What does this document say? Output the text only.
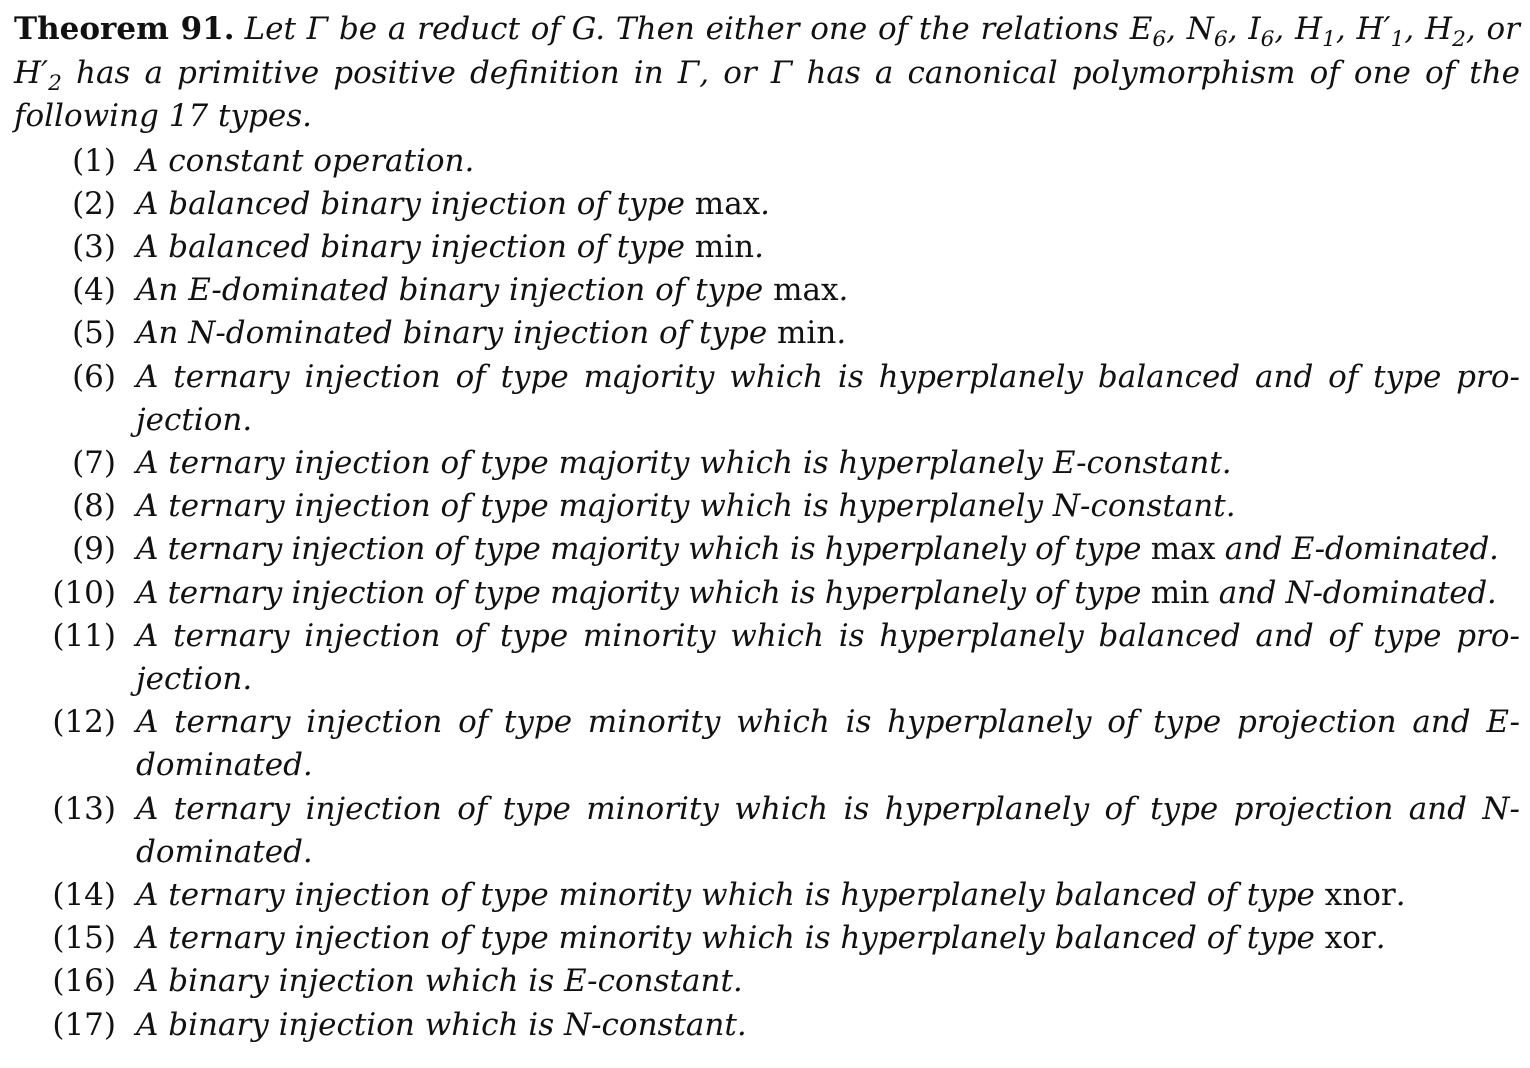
Theorem 91. Let Γ be a reduct of G. Then either one of the relations $E_6$, $N_6$, $I_6$, $H_1$, $H'_1$, $H_2$, or $H'_2$ has a primitive positive definition in Γ, or Γ has a canonical polymorphism of one of the following 17 types.

(1) A constant operation.
(2) A balanced binary injection of type max.
(3) A balanced binary injection of type min.
(4) An E-dominated binary injection of type max.
(5) An N-dominated binary injection of type min.
(6) A ternary injection of type majority which is hyperplanely balanced and of type pro-jection.
(7) A ternary injection of type majority which is hyperplanely E-constant.
(8) A ternary injection of type majority which is hyperplanely N-constant.
(9) A ternary injection of type majority which is hyperplanely of type max and E-dominated.
(10) A ternary injection of type majority which is hyperplanely of type min and N-dominated.
(11) A ternary injection of type minority which is hyperplanely balanced and of type pro-jection.
(12) A ternary injection of type minority which is hyperplanely of type projection and E-dominated.
(13) A ternary injection of type minority which is hyperplanely of type projection and N-dominated.
(14) A ternary injection of type minority which is hyperplanely balanced of type xnor.
(15) A ternary injection of type minority which is hyperplanely balanced of type xor.
(16) A binary injection which is E-constant.
(17) A binary injection which is N-constant.
